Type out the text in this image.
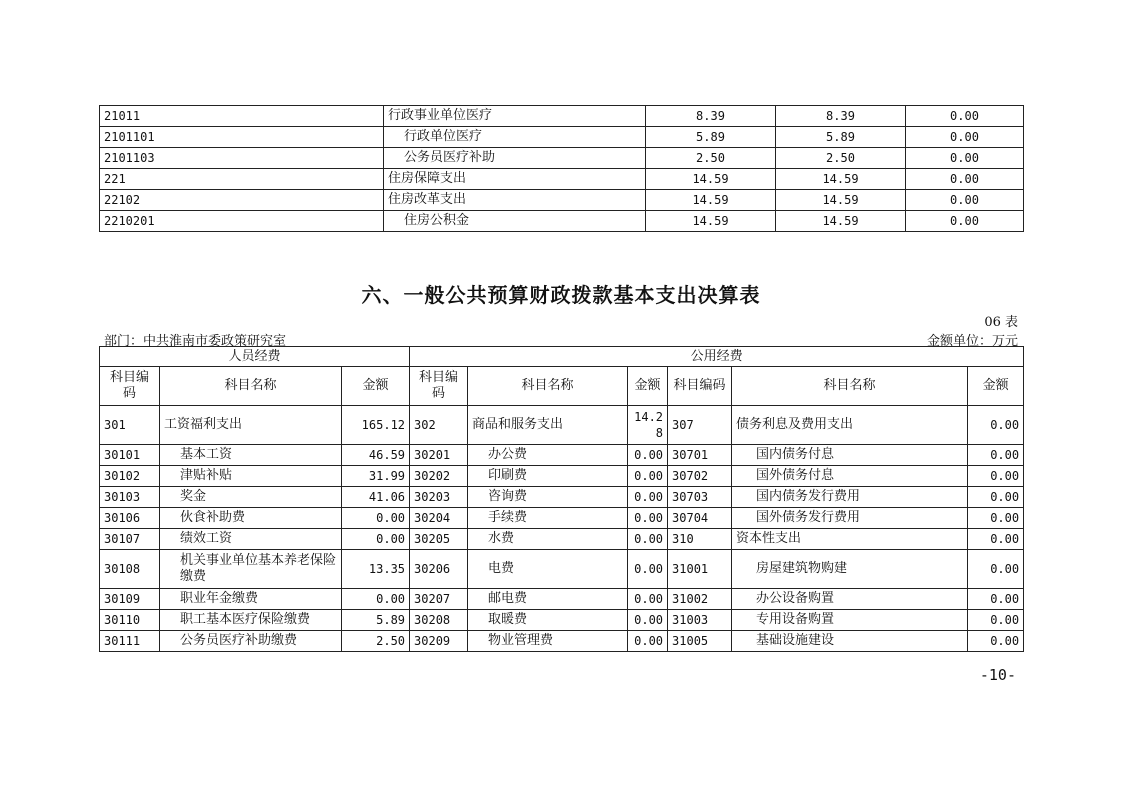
21011	行政事业单位医疗	8.39	8.39	0.00
2101101	行政单位医疗	5.89	5.89	0.00
2101103	公务员医疗补助	2.50	2.50	0.00
221	住房保障支出	14.59	14.59	0.00
22102	住房改革支出	14.59	14.59	0.00
2210201	住房公积金	14.59	14.59	0.00
六、一般公共预算财政拨款基本支出决算表
06 表
部门：中共淮南市委政策研究室	金额单位：万元
人员经费			公用经费					
科目编码	科目名称	金额	科目编码	科目名称	金额	科目编码	科目名称	金额
301	工资福利支出	165.12	302	商品和服务支出	14.28	307	债务利息及费用支出	0.00
30101	基本工资	46.59	30201	办公费	0.00	30701	国内债务付息	0.00
30102	津贴补贴	31.99	30202	印刷费	0.00	30702	国外债务付息	0.00
30103	奖金	41.06	30203	咨询费	0.00	30703	国内债务发行费用	0.00
30106	伙食补助费	0.00	30204	手续费	0.00	30704	国外债务发行费用	0.00
30107	绩效工资	0.00	30205	水费	0.00	310	资本性支出	0.00
30108	机关事业单位基本养老保险缴费	13.35	30206	电费	0.00	31001	房屋建筑物购建	0.00
30109	职业年金缴费	0.00	30207	邮电费	0.00	31002	办公设备购置	0.00
30110	职工基本医疗保险缴费	5.89	30208	取暖费	0.00	31003	专用设备购置	0.00
30111	公务员医疗补助缴费	2.50	30209	物业管理费	0.00	31005	基础设施建设	0.00
-10-
